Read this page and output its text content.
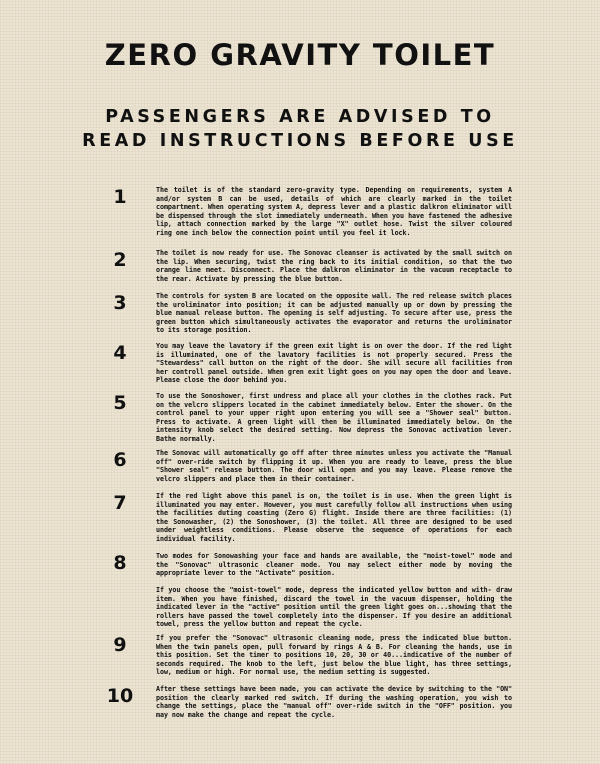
ZERO GRAVITY TOILET
PASSENGERS ARE ADVISED TO
READ INSTRUCTIONS BEFORE USE
1	The toilet is of the standard zero-gravity type. Depending on requirements, system A and/or system B can be used, details of which are clearly marked in the toilet compartment. When operating system A, depress lever and a plastic dalkron eliminator will be dispensed through the slot immediately underneath. When you have fastened the adhesive lip, attach connection marked by the large "X" outlet hose. Twist the silver coloured ring one inch below the connection point until you feel it lock.
2	The toilet is now ready for use. The Sonovac cleanser is activated by the small switch on the lip. When securing, twist the ring back to its initial condition, so that the two orange line meet. Disconnect. Place the dalkron eliminator in the vacuum receptacle to the rear. Activate by pressing the blue button.
3	The controls for system B are located on the opposite wall. The red release switch places the uroliminator into position; it can be adjusted manually up or down by pressing the blue manual release button. The opening is self adjusting. To secure after use, press the green button which simultaneously activates the evaporator and returns the uroliminator to its storage position.
4	You may leave the lavatory if the green exit light is on over the door. If the red light is illuminated, one of the lavatory facilities is not properly secured. Press the "Stewardess" call button on the right of the door. She will secure all facilities from her controll panel outside. When gren exit light goes on you may open the door and leave. Please close the door behind you.
5	To use the Sonoshower, first undress and place all your clothes in the clothes rack. Put on the velcro slippers located in the cabinet immediately below. Enter the shower. On the control panel to your upper right upon entering you will see a "Shower seal" button. Press to activate. A green light will then be illuminated immediately below. On the intensity knob select the desired setting. Now depress the Sonovac activation lever. Bathe normally.
6	The Sonovac will automatically go off after three minutes unless you activate the "Manual off" over-ride switch by flipping it up. When you are ready to leave, press the blue "Shower seal" release button. The door will open and you may leave. Please remove the velcro slippers and place them in their container.
7	If the red light above this panel is on, the toilet is in use. When the green light is illuminated you may enter. However, you must carefully follow all instructions when using the facilities duting coasting (Zero G) flight. Inside there are three facilities: (1) the Sonowasher, (2) the Sonoshower, (3) the toilet. All three are designed to be used under weightless conditions. Please observe the sequence of operations for each individual facility.
8	Two modes for Sonowashing your face and hands are available, the "moist-towel" mode and the "Sonovac" ultrasonic cleaner mode. You may select either mode by moving the appropriate lever to the "Activate" position.
If you choose the "moist-towel" mode, depress the indicated yellow button and with- draw item. When you have finished, discard the towel in the vacuum dispenser, holding the indicated lever in the "active" position until the green light goes on...showing that the rollers have passed the towel completely into the dispenser. If you desire an additional towel, press the yellow button and repeat the cycle.
9	If you prefer the "Sonovac" ultrasonic cleaning mode, press the indicated blue button. When the twin panels open, pull forward by rings A & B. For cleaning the hands, use in this position. Set the timer to positions 10, 20, 30 or 40...indicative of the number of seconds required. The knob to the left, just below the blue light, has three settings, low, medium or high. For normal use, the medium setting is suggested.
10	After these settings have been made, you can activate the device by switching to the "ON" position the clearly marked red switch. If during the washing operation, you wish to change the settings, place the "manual off" over-ride switch in the "OFF" position. you may now make the change and repeat the cycle.
